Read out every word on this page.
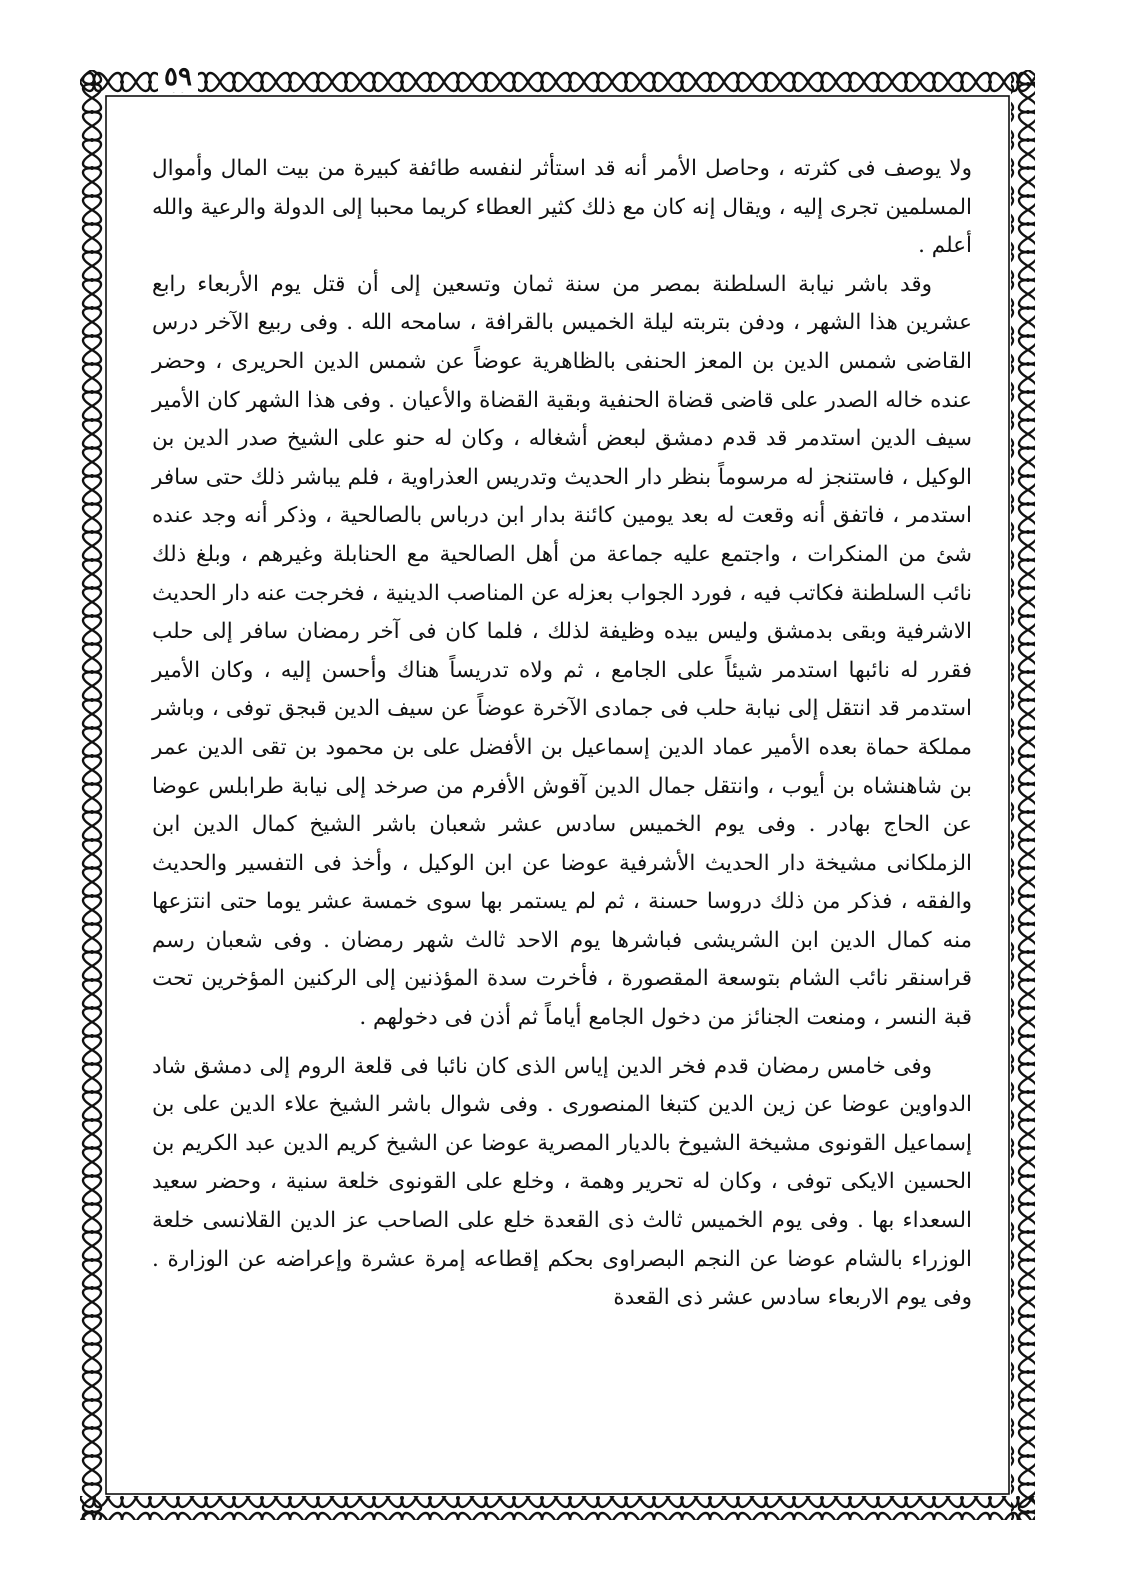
٥٩

ولا يوصف فى كثرته ، وحاصل الأمر أنه قد استأثر لنفسه طائفة كبيرة من بيت المال وأموال المسلمين تجرى إليه ، ويقال إنه كان مع ذلك كثير العطاء كريما محببا إلى الدولة والرعية والله أعلم .

وقد باشر نيابة السلطنة بمصر من سنة ثمان وتسعين إلى أن قتل يوم الأربعاء رابع عشرين هذا الشهر ، ودفن بتربته ليلة الخميس بالقرافة ، سامحه الله . وفى ربيع الآخر درس القاضى شمس الدين بن المعز الحنفى بالظاهرية عوضاً عن شمس الدين الحريرى ، وحضر عنده خاله الصدر على قاضى قضاة الحنفية وبقية القضاة والأعيان . وفى هذا الشهر كان الأمير سيف الدين استدمر قد قدم دمشق لبعض أشغاله ، وكان له حنو على الشيخ صدر الدين بن الوكيل ، فاستنجز له مرسوماً بنظر دار الحديث وتدريس العذراوية ، فلم يباشر ذلك حتى سافر استدمر ، فاتفق أنه وقعت له بعد يومين كائنة بدار ابن درباس بالصالحية ، وذكر أنه وجد عنده شئ من المنكرات ، واجتمع عليه جماعة من أهل الصالحية مع الحنابلة وغيرهم ، وبلغ ذلك نائب السلطنة فكاتب فيه ، فورد الجواب بعزله عن المناصب الدينية ، فخرجت عنه دار الحديث الاشرفية وبقى بدمشق وليس بيده وظيفة لذلك ، فلما كان فى آخر رمضان سافر إلى حلب فقرر له نائبها استدمر شيئاً على الجامع ، ثم ولاه تدريساً هناك وأحسن إليه ، وكان الأمير استدمر قد انتقل إلى نيابة حلب فى جمادى الآخرة عوضاً عن سيف الدين قبجق توفى ، وباشر مملكة حماة بعده الأمير عماد الدين إسماعيل بن الأفضل على بن محمود بن تقى الدين عمر بن شاهنشاه بن أيوب ، وانتقل جمال الدين آقوش الأفرم من صرخد إلى نيابة طرابلس عوضا عن الحاج بهادر . وفى يوم الخميس سادس عشر شعبان باشر الشيخ كمال الدين ابن الزملكانى مشيخة دار الحديث الأشرفية عوضا عن ابن الوكيل ، وأخذ فى التفسير والحديث والفقه ، فذكر من ذلك دروسا حسنة ، ثم لم يستمر بها سوى خمسة عشر يوما حتى انتزعها منه كمال الدين ابن الشريشى فباشرها يوم الاحد ثالث شهر رمضان . وفى شعبان رسم قراسنقر نائب الشام بتوسعة المقصورة ، فأخرت سدة المؤذنين إلى الركنين المؤخرين تحت قبة النسر ، ومنعت الجنائز من دخول الجامع أياماً ثم أذن فى دخولهم .

وفى خامس رمضان قدم فخر الدين إياس الذى كان نائبا فى قلعة الروم إلى دمشق شاد الدواوين عوضا عن زين الدين كتبغا المنصورى . وفى شوال باشر الشيخ علاء الدين على بن إسماعيل القونوى مشيخة الشيوخ بالديار المصرية عوضا عن الشيخ كريم الدين عبد الكريم بن الحسين الايكى توفى ، وكان له تحرير وهمة ، وخلع على القونوى خلعة سنية ، وحضر سعيد السعداء بها . وفى يوم الخميس ثالث ذى القعدة خلع على الصاحب عز الدين القلانسى خلعة الوزراء بالشام عوضا عن النجم البصراوى بحكم إقطاعه إمرة عشرة وإعراضه عن الوزارة . وفى يوم الاربعاء سادس عشر ذى القعدة
